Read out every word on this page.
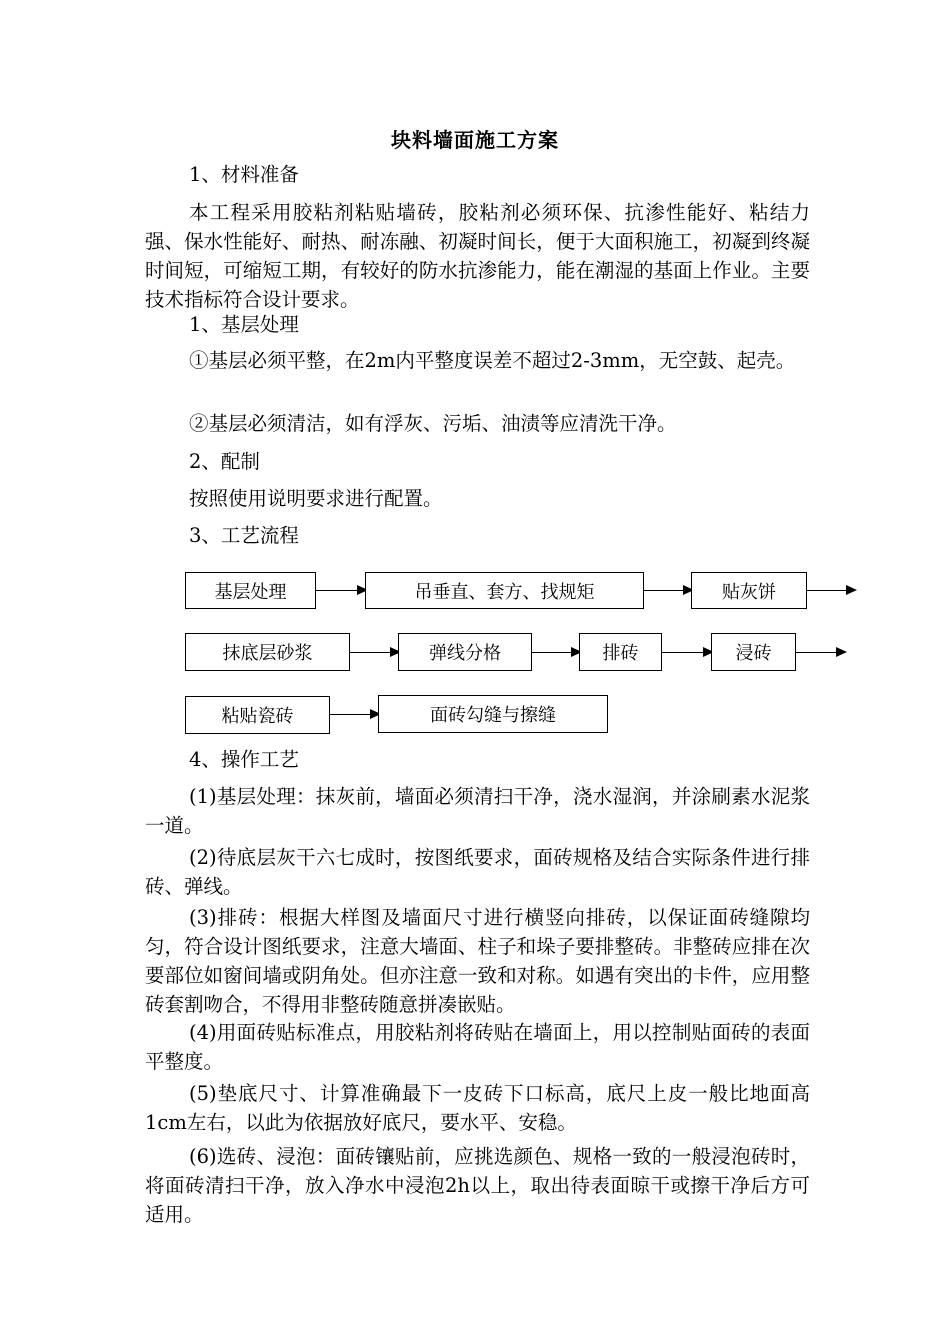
块料墙面施工方案

1、材料准备

本工程采用胶粘剂粘贴墙砖，胶粘剂必须环保、抗渗性能好、粘结力强、保水性能好、耐热、耐冻融、初凝时间长，便于大面积施工，初凝到终凝时间短，可缩短工期，有较好的防水抗渗能力，能在潮湿的基面上作业。主要技术指标符合设计要求。

1、基层处理

①基层必须平整，在2m内平整度误差不超过2-3mm，无空鼓、起壳。

②基层必须清洁，如有浮灰、污垢、油渍等应清洗干净。

2、配制

按照使用说明要求进行配置。

3、工艺流程

基层处理	吊垂直、套方、找规矩	贴灰饼
抹底层砂浆	弹线分格	排砖	浸砖
粘贴瓷砖	面砖勾缝与擦缝

4、操作工艺

(1)基层处理：抹灰前，墙面必须清扫干净，浇水湿润，并涂刷素水泥浆一道。

(2)待底层灰干六七成时，按图纸要求，面砖规格及结合实际条件进行排砖、弹线。

(3)排砖：根据大样图及墙面尺寸进行横竖向排砖，以保证面砖缝隙均匀，符合设计图纸要求，注意大墙面、柱子和垛子要排整砖。非整砖应排在次要部位如窗间墙或阴角处。但亦注意一致和对称。如遇有突出的卡件，应用整砖套割吻合，不得用非整砖随意拼凑嵌贴。

(4)用面砖贴标准点，用胶粘剂将砖贴在墙面上，用以控制贴面砖的表面平整度。

(5)垫底尺寸、计算准确最下一皮砖下口标高，底尺上皮一般比地面高1cm左右，以此为依据放好底尺，要水平、安稳。

(6)选砖、浸泡：面砖镶贴前，应挑选颜色、规格一致的一般浸泡砖时，将面砖清扫干净，放入净水中浸泡2h以上，取出待表面晾干或擦干净后方可适用。
